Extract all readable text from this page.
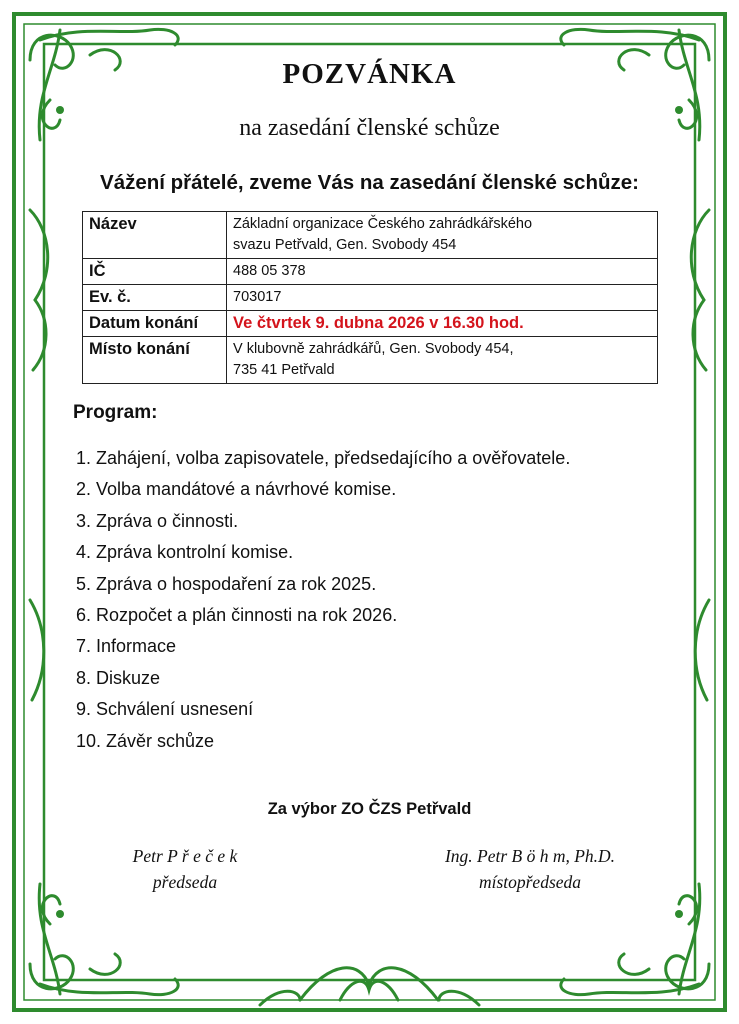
POZVÁNKA
na zasedání členské schůze
Vážení přátelé, zveme Vás na zasedání členské schůze:
Název	Základní organizace Českého zahrádkářského
svazu Petřvald, Gen. Svobody 454

IČ	488 05 378

Ev. č.	703017

Datum konání	Ve čtvrtek 9. dubna 2026 v 16.30 hod.

Místo konání	V klubovně zahrádkářů, Gen. Svobody 454,
735 41 Petřvald
Program:
1. Zahájení, volba zapisovatele, předsedajícího a ověřovatele.
2. Volba mandátové a návrhové komise.
3. Zpráva o činnosti.
4. Zpráva kontrolní komise.
5. Zpráva o hospodaření za rok 2025.
6. Rozpočet a plán činnosti na rok 2026.
7. Informace
8. Diskuze
9. Schválení usnesení
10. Závěr schůze
Za výbor ZO ČZS Petřvald
Petr P ř e č e k
předseda
Ing. Petr B ö h m, Ph.D.
místopředseda
